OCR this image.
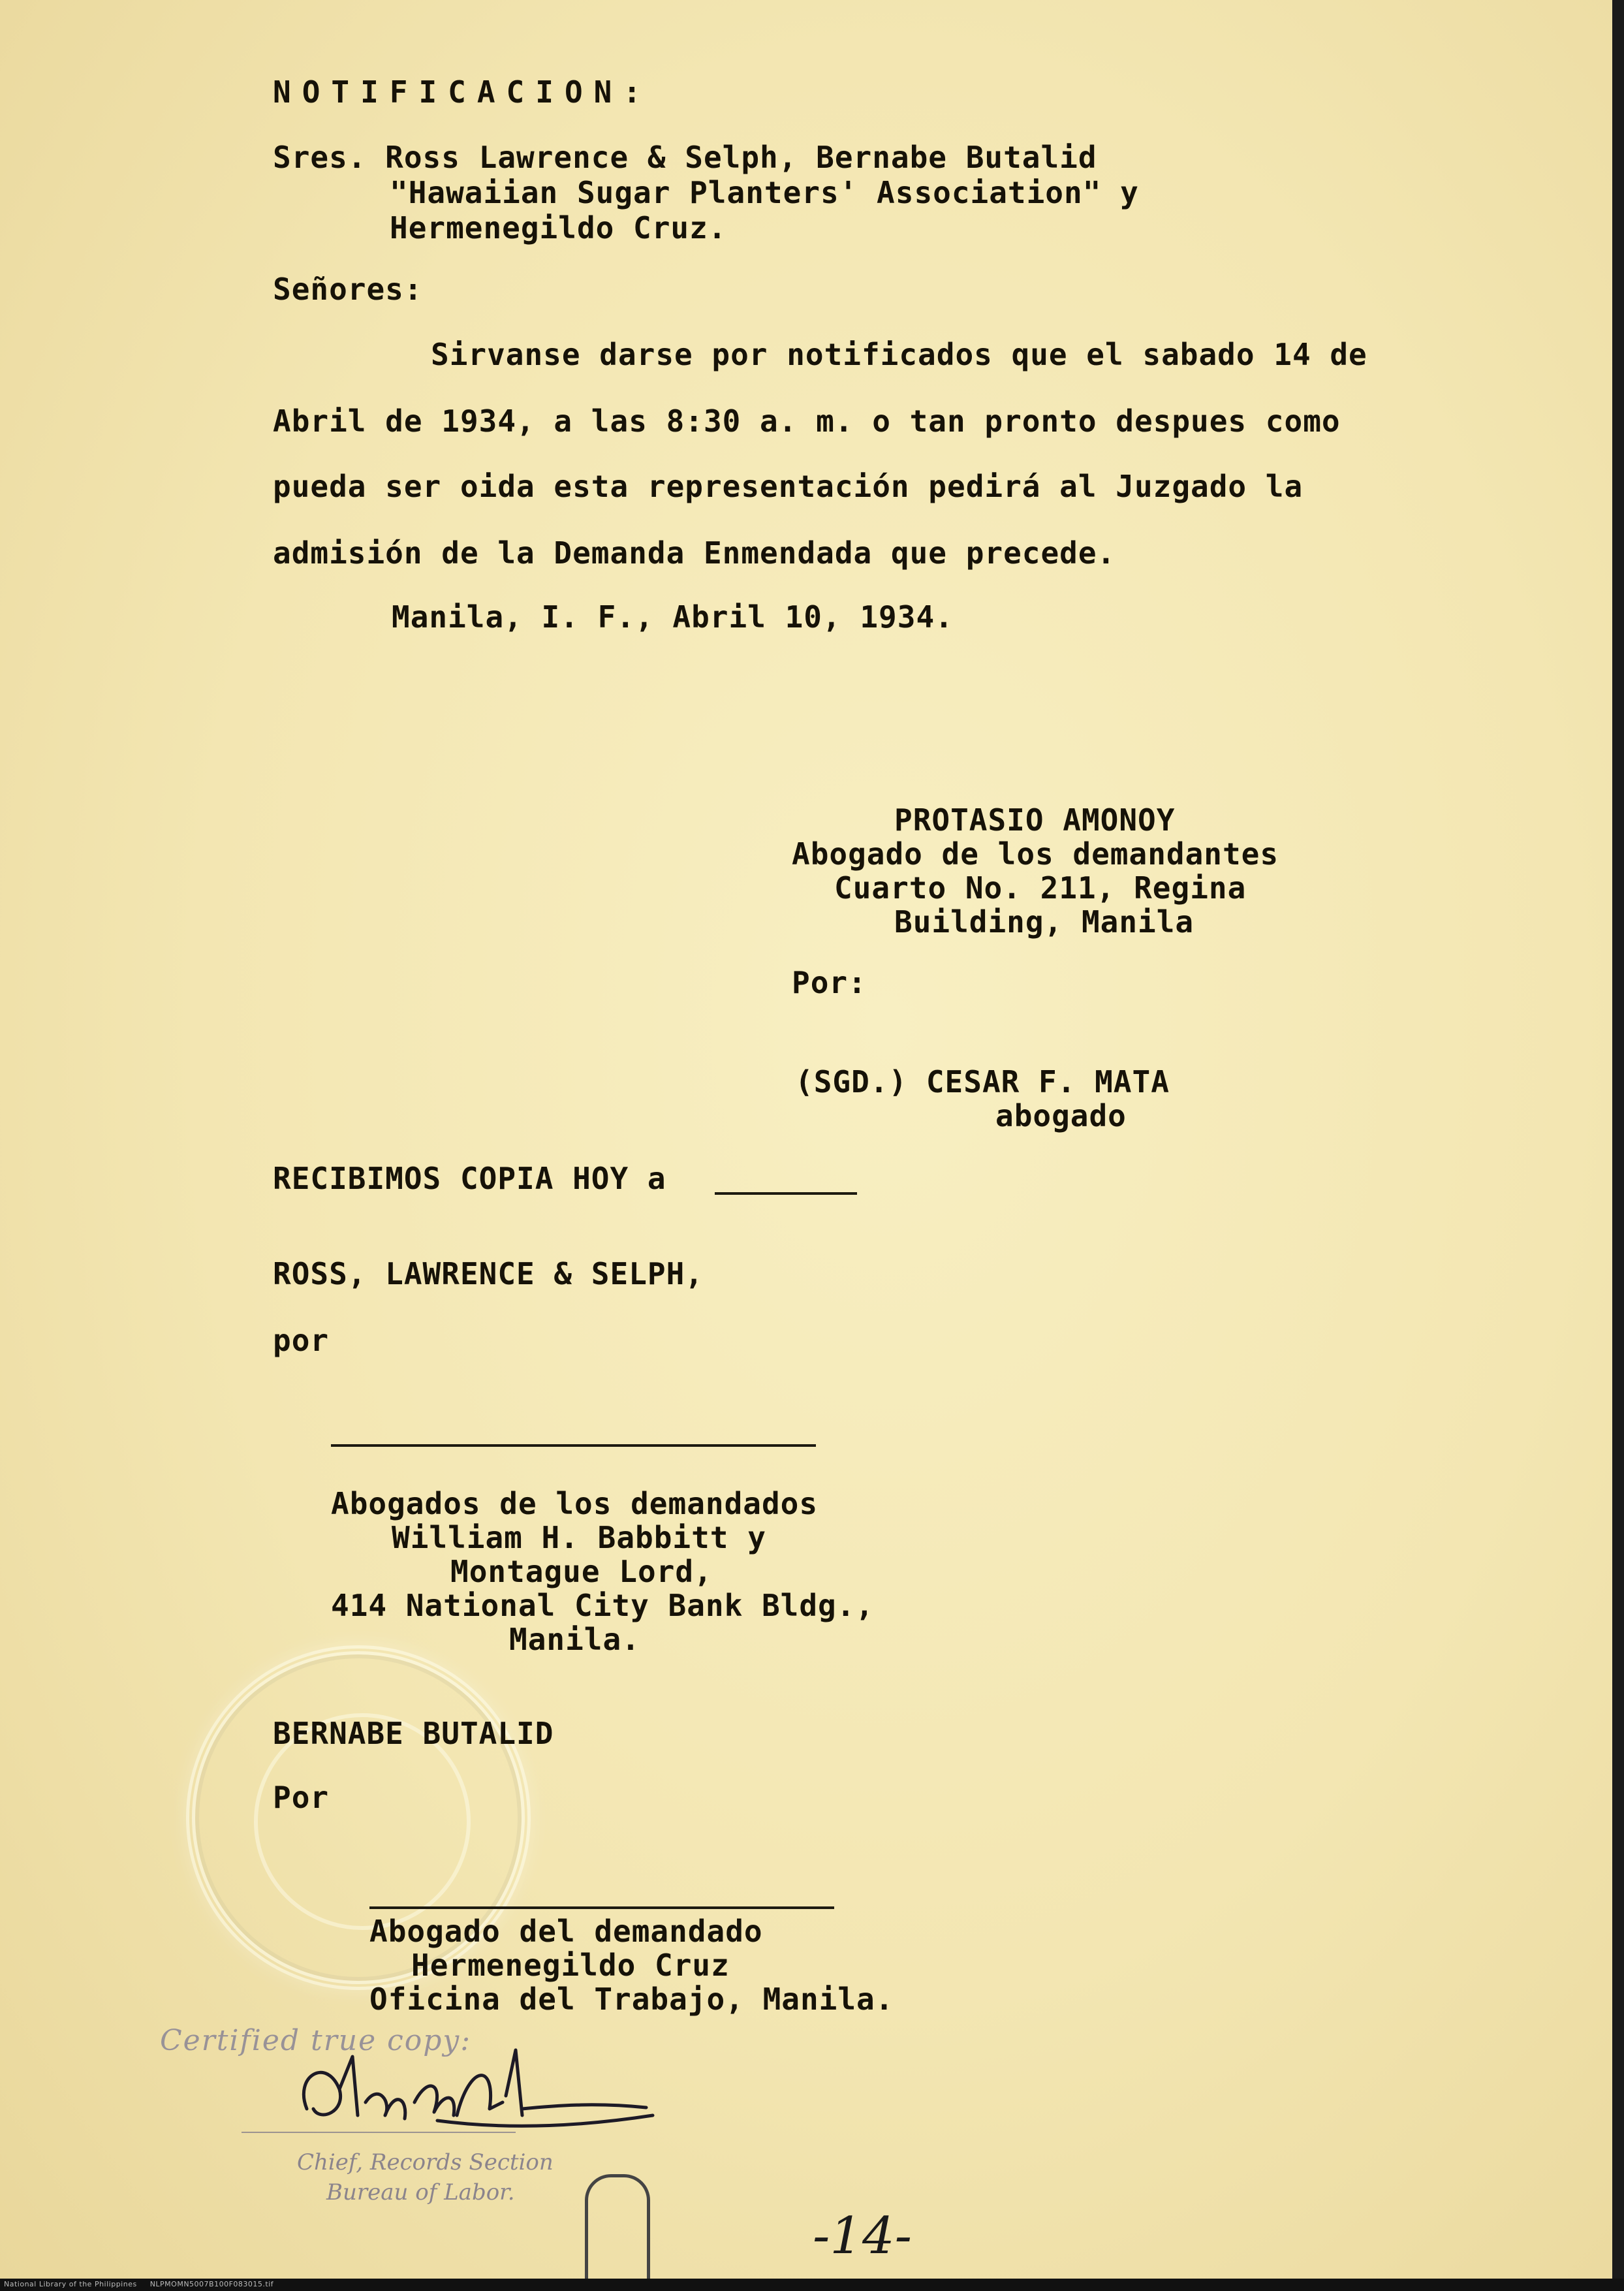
NOTIFICACION:
Sres. Ross Lawrence & Selph, Bernabe Butalid
"Hawaiian Sugar Planters' Association" y
Hermenegildo Cruz.
Señores:
Sirvanse darse por notificados que el sabado 14 de
Abril de 1934, a las 8:30 a. m. o tan pronto despues como
pueda ser oida esta representación pedirá al Juzgado la
admisión de la Demanda Enmendada que precede.
Manila, I. F., Abril 10, 1934.
PROTASIO AMONOY
Abogado de los demandantes
Cuarto No. 211, Regina
Building, Manila
Por:
(SGD.) CESAR F. MATA
abogado
RECIBIMOS COPIA HOY a
ROSS, LAWRENCE & SELPH,
por
Abogados de los demandados
William H. Babbitt y
Montague Lord,
414 National City Bank Bldg.,
Manila.
BERNABE BUTALID
Por
Abogado del demandado
Hermenegildo Cruz
Oficina del Trabajo, Manila.
Certified true copy:
Chief, Records Section
Bureau of Labor.
-14-
National Library of the Philippines     NLPMOMN5007B100F083015.tif
